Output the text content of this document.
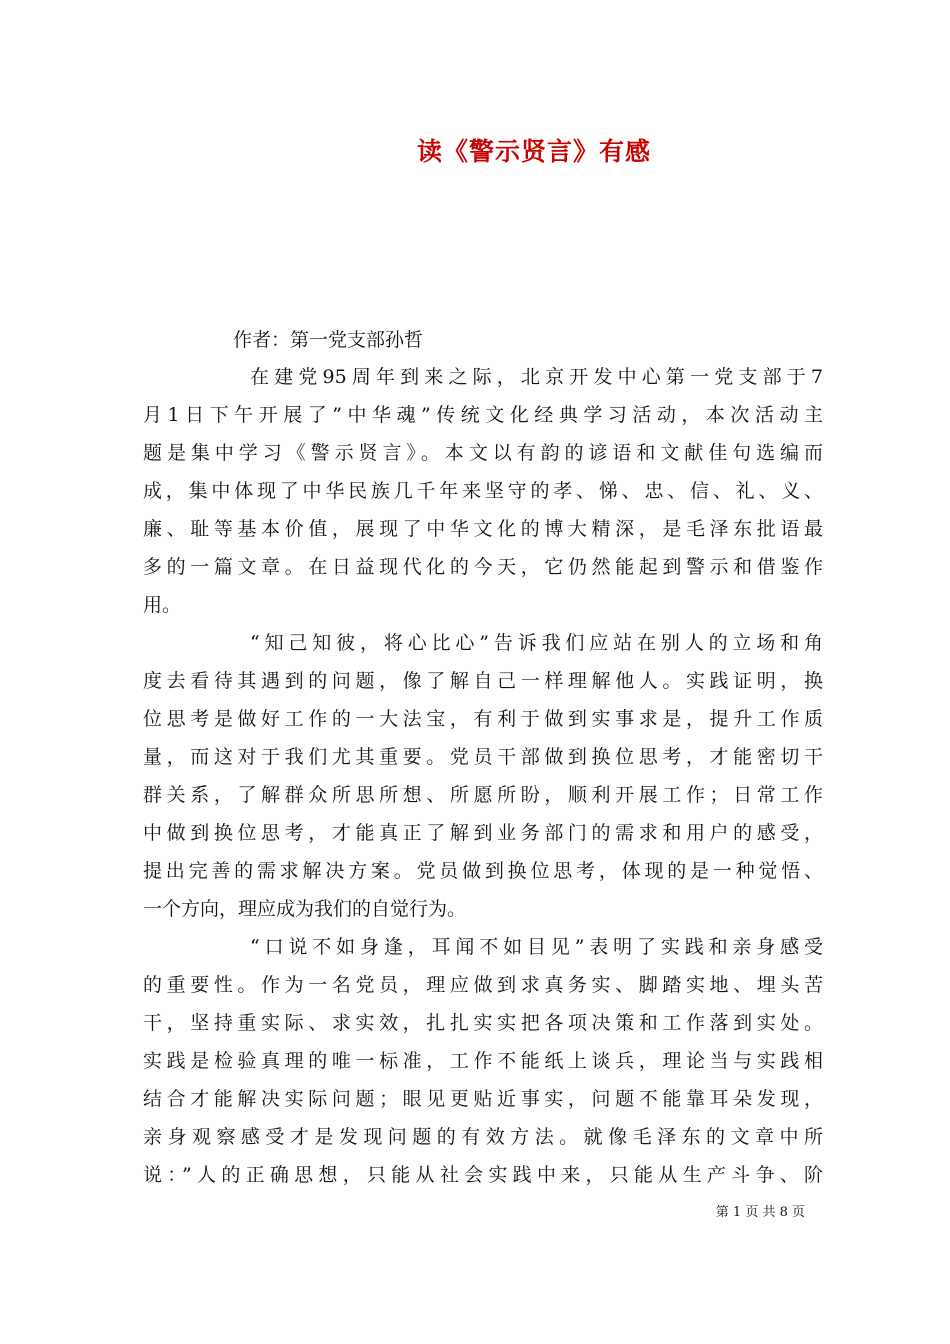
读《警示贤言》有感
作者：第一党支部孙哲
在建党95周年到来之际，北京开发中心第一党支部于7
月1日下午开展了”中华魂”传统文化经典学习活动，本次活动主
题是集中学习《警示贤言》。本文以有韵的谚语和文献佳句选编而
成，集中体现了中华民族几千年来坚守的孝、悌、忠、信、礼、义、
廉、耻等基本价值，展现了中华文化的博大精深，是毛泽东批语最
多的一篇文章。在日益现代化的今天，它仍然能起到警示和借鉴作
用。
“知己知彼，将心比心”告诉我们应站在别人的立场和角
度去看待其遇到的问题，像了解自己一样理解他人。实践证明，换
位思考是做好工作的一大法宝，有利于做到实事求是，提升工作质
量，而这对于我们尤其重要。党员干部做到换位思考，才能密切干
群关系，了解群众所思所想、所愿所盼，顺利开展工作；日常工作
中做到换位思考，才能真正了解到业务部门的需求和用户的感受，
提出完善的需求解决方案。党员做到换位思考，体现的是一种觉悟、
一个方向，理应成为我们的自觉行为。
“口说不如身逢，耳闻不如目见”表明了实践和亲身感受
的重要性。作为一名党员，理应做到求真务实、脚踏实地、埋头苦
干，坚持重实际、求实效，扎扎实实把各项决策和工作落到实处。
实践是检验真理的唯一标准，工作不能纸上谈兵，理论当与实践相
结合才能解决实际问题；眼见更贴近事实，问题不能靠耳朵发现，
亲身观察感受才是发现问题的有效方法。就像毛泽东的文章中所
说：”人的正确思想，只能从社会实践中来，只能从生产斗争、阶
第 1 页 共 8 页
